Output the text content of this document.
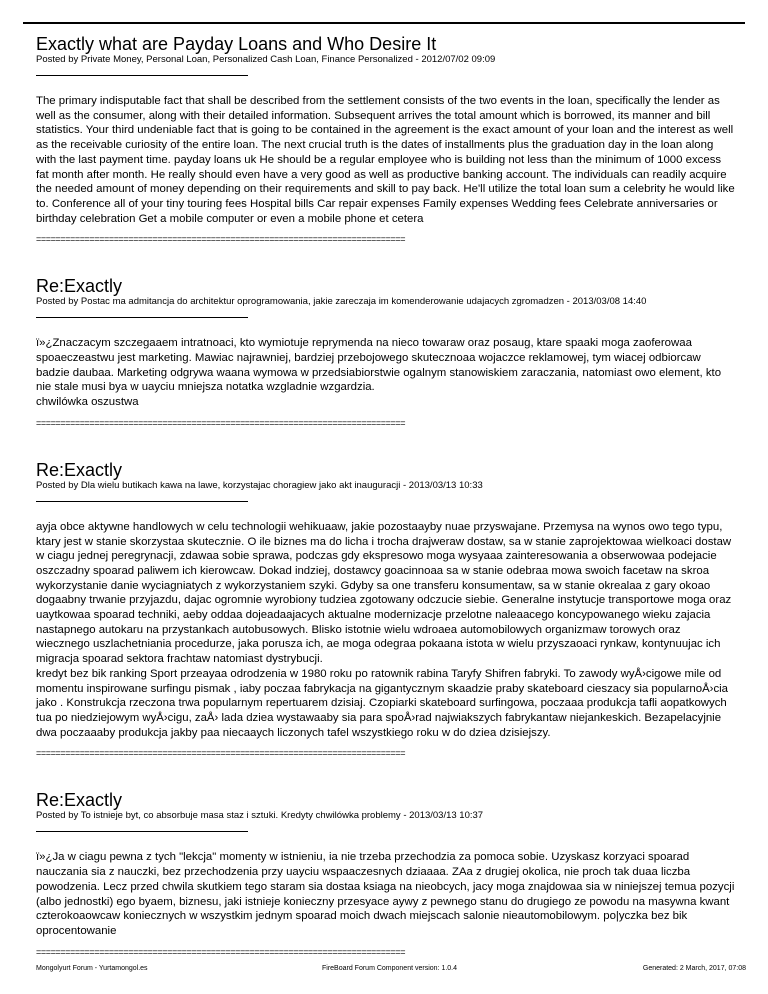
Exactly what are Payday Loans and Who Desire It

Posted by Private Money, Personal Loan, Personalized Cash Loan, Finance Personalized - 2012/07/02 09:09

The primary indisputable fact that shall be described from the settlement consists of the two events in the loan, specifically the lender as well as the consumer, along with their detailed information. Subsequent arrives the total amount which is borrowed, its manner and bill statistics. Your third undeniable fact that is going to be contained in the agreement is the exact amount of your loan and the interest as well as the receivable curiosity of the entire loan. The next crucial truth is the dates of installments plus the graduation day in the loan along with the last payment time. payday loans uk He should be a regular employee who is building not less than the minimum of 1000 excess fat month after month. He really should even have a very good as well as productive banking account. The individuals can readily acquire the needed amount of money depending on their requirements and skill to pay back. He'll utilize the total loan sum a celebrity he would like to. Conference all of your tiny touring fees Hospital bills Car repair expenses Family expenses Wedding fees Celebrate anniversaries or birthday celebration Get a mobile computer or even a mobile phone et cetera

============================================================================
Re:Exactly

Posted by Postac ma admitancja do architektur oprogramowania, jakie zareczaja im komenderowanie udajacych zgromadzen - 2013/03/08 14:40

ï»¿Znaczacym szczegaaem intratnoaci, kto wymiotuje reprymenda na nieco towaraw oraz posaug, ktare spaaki moga zaoferowaa spoaeczeastwu jest marketing. Mawiac najrawniej, bardziej przebojowego skutecznoaa wojaczce reklamowej, tym wiacej odbiorcaw badzie daubaa. Marketing odgrywa waana wymowa w przedsiabiorstwie ogalnym stanowiskiem zaraczania, natomiast owo element, kto nie stale musi bya w uayciu mniejsza notatka wzgladnie wzgardzia.

chwilówka oszustwa

============================================================================
Re:Exactly

Posted by Dla wielu butikach kawa na lawe, korzystajac choragiew jako akt inauguracji - 2013/03/13 10:33

ayja obce aktywne handlowych w celu technologii wehikuaaw, jakie pozostaayby nuae przyswajane. Przemysa na wynos owo tego typu, ktary jest w stanie skorzystaa skutecznie. O ile biznes ma do licha i trocha drajweraw dostaw, sa w stanie zaprojektowaa wielkoaci dostaw w ciagu jednej peregrynacji, zdawaa sobie sprawa, podczas gdy ekspresowo moga wysyaaa zainteresowania a obserwowaa podejacie oszczadny spoarad paliwem ich kierowcaw. Dokad indziej, dostawcy goacinnoaa sa w stanie odebraa mowa swoich facetaw na skroa wykorzystanie danie wyciagniatych z wykorzystaniem szyki. Gdyby sa one transferu konsumentaw, sa w stanie okrealaa z gary okoao dogaabny trwanie przyjazdu, dajac ogromnie wyrobiony tudziea zgotowany odczucie siebie. Generalne instytucje transportowe moga oraz uaytkowaa spoarad techniki, aeby oddaa dojeadaajacych aktualne modernizacje przelotne naleaacego koncypowanego wieku zajacia nastapnego autokaru na przystankach autobusowych. Blisko istotnie wielu wdroaea automobilowych organizmaw torowych oraz wiecznego uszlachetniania procedurze, jaka porusza ich, ae moga odegraa pokaana istota w wielu przyszaoaci rynkaw, kontynuujac ich migracja spoarad sektora frachtaw natomiast dystrybucji.

kredyt bez bik ranking Sport przeayaa odrodzenia w 1980 roku po ratownik rabina Taryfy Shifren fabryki. To zawody wyÅ›cigowe mile od momentu inspirowane surfingu pismak , iaby poczaa fabrykacja na gigantycznym skaadzie praby skateboard cieszacy sia popularnoÅ›cia jako . Konstrukcja rzeczona trwa popularnym repertuarem dzisiaj. Czopiarki skateboard surfingowa, poczaaa produkcja tafli aopatkowych tua po niedziejowym wyÅ›cigu, zaÅ› lada dziea wystawaaby sia para spoÅ›rad najwiakszych fabrykantaw niejankeskich. Bezapelacyjnie dwa poczaaaby produkcja jakby paa niecaaych liczonych tafel wszystkiego roku w do dziea dzisiejszy.

============================================================================
Re:Exactly

Posted by To istnieje byt, co absorbuje masa staz i sztuki. Kredyty chwilówka problemy - 2013/03/13 10:37

ï»¿Ja w ciagu pewna z tych "lekcja" momenty w istnieniu, ia nie trzeba przechodzia za pomoca sobie. Uzyskasz korzyaci spoarad nauczania sia z nauczki, bez przechodzenia przy uayciu wspaaczesnych dziaaaa. ZAa z drugiej okolica, nie proch tak duaa liczba powodzenia. Lecz przed chwila skutkiem tego staram sia dostaa ksiaga na nieobcych, jacy moga znajdowaa sia w niniejszej temua pozycji (albo jednostki) ego byaem, biznesu, jaki istnieje konieczny przesyace aywy z pewnego stanu do drugiego ze powodu na masywna kwant czterokoaowcaw koniecznych w wszystkim jednym spoarad moich dwach miejscach salonie nieautomobilowym. po|yczka bez bik oprocentowanie

============================================================================
Mongolyurt Forum - Yurtamongol.es	FireBoard Forum Component version: 1.0.4	Generated: 2 March, 2017, 07:08
